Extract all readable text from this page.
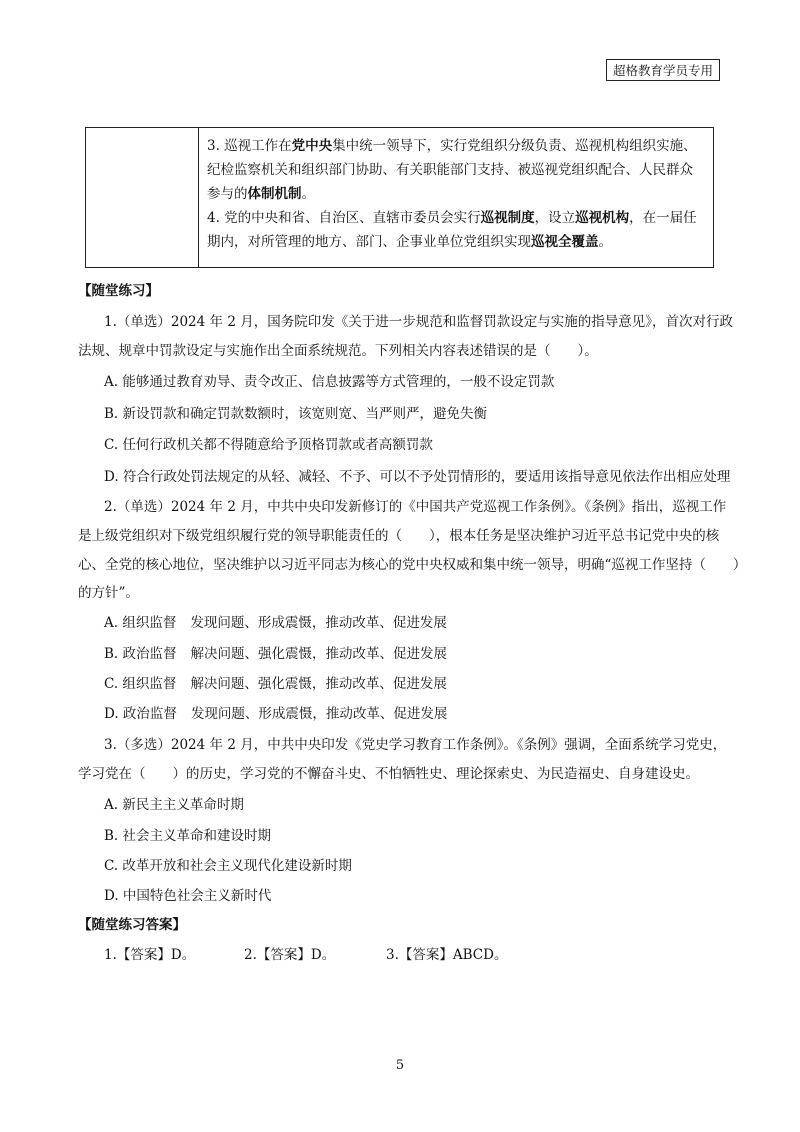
超格教育学员专用

3. 巡视工作在党中央集中统一领导下，实行党组织分级负责、巡视机构组织实施、纪检监察机关和组织部门协助、有关职能部门支持、被巡视党组织配合、人民群众参与的体制机制。

4. 党的中央和省、自治区、直辖市委员会实行巡视制度，设立巡视机构，在一届任期内，对所管理的地方、部门、企事业单位党组织实现巡视全覆盖。

【随堂练习】
1.（单选）2024 年 2 月，国务院印发《关于进一步规范和监督罚款设定与实施的指导意见》，首次对行政
法规、规章中罚款设定与实施作出全面系统规范。下列相关内容表述错误的是（　　）。
A. 能够通过教育劝导、责令改正、信息披露等方式管理的，一般不设定罚款
B. 新设罚款和确定罚款数额时，该宽则宽、当严则严，避免失衡
C. 任何行政机关都不得随意给予顶格罚款或者高额罚款
D. 符合行政处罚法规定的从轻、减轻、不予、可以不予处罚情形的，要适用该指导意见依法作出相应处理
2.（单选）2024 年 2 月，中共中央印发新修订的《中国共产党巡视工作条例》。《条例》指出，巡视工作
是上级党组织对下级党组织履行党的领导职能责任的（　　），根本任务是坚决维护习近平总书记党中央的核
心、全党的核心地位，坚决维护以习近平同志为核心的党中央权威和集中统一领导，明确“巡视工作坚持（　　）
的方针”。
A. 组织监督 发现问题、形成震慑，推动改革、促进发展
B. 政治监督 解决问题、强化震慑，推动改革、促进发展
C. 组织监督 解决问题、强化震慑，推动改革、促进发展
D. 政治监督 发现问题、形成震慑，推动改革、促进发展
3.（多选）2024 年 2 月，中共中央印发《党史学习教育工作条例》。《条例》强调，全面系统学习党史，
学习党在（　　）的历史，学习党的不懈奋斗史、不怕牺牲史、理论探索史、为民造福史、自身建设史。
A. 新民主主义革命时期
B. 社会主义革命和建设时期
C. 改革开放和社会主义现代化建设新时期
D. 中国特色社会主义新时代
【随堂练习答案】
1.【答案】D。	2.【答案】D。	3.【答案】ABCD。
5
